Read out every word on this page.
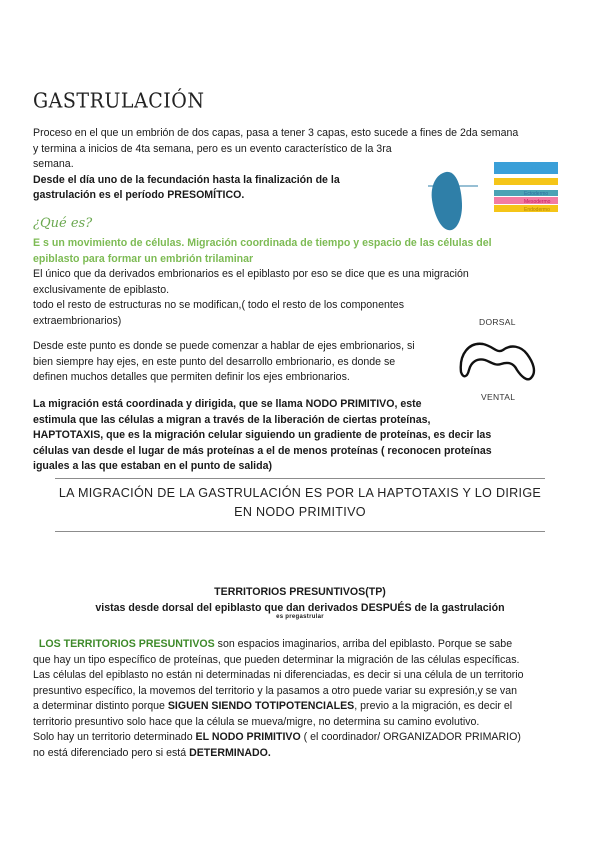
GASTRULACIÓN
Proceso en el que un embrión de dos capas, pasa a tener 3 capas, esto sucede a fines de 2da semana
y termina a inicios de 4ta semana, pero es un evento característico de la 3ra
semana.
Desde el día uno de la fecundación hasta la finalización de la
gastrulación es el período PRESOMÍTICO.
Epiblasto
Ectodermo
Mesodermo
Endodermo
¿Qué es?
E s un movimiento de células. Migración coordinada de tiempo y espacio de las células del
epiblasto para formar un embrión trilaminar
El único que da derivados embrionarios es el epiblasto por eso se dice que es una migración
exclusivamente de epiblasto.
todo el resto de estructuras no se modifican,( todo el resto de los componentes
extraembrionarios)
Desde este punto es donde se puede comenzar a hablar de ejes embrionarios, si
bien siempre hay ejes, en este punto del desarrollo embrionario, es donde se
definen muchos detalles que permiten definir los ejes embrionarios.
DORSAL
VENTAL
La migración está coordinada y dirigida, que se llama NODO PRIMITIVO, este
estimula que las células a migran a través de la liberación de ciertas proteínas,
HAPTOTAXIS, que es la migración celular siguiendo un gradiente de proteínas, es decir las
células van desde el lugar de más proteínas a el de menos proteínas ( reconocen proteínas
iguales a las que estaban en el punto de salida)
LA MIGRACIÓN DE LA GASTRULACIÓN ES POR LA HAPTOTAXIS Y LO DIRIGE
EN NODO PRIMITIVO
TERRITORIOS PRESUNTIVOS(TP)
vistas desde dorsal del epiblasto que dan derivados DESPUÉS de la gastrulación
es pregastrular
LOS TERRITORIOS PRESUNTIVOS son espacios imaginarios, arriba del epiblasto. Porque se sabe
que hay un tipo específico de proteínas, que pueden determinar la migración de las células específicas.
Las células del epiblasto no están ni determinadas ni diferenciadas, es decir si una célula de un territorio
presuntivo específico, la movemos del territorio y la pasamos a otro puede variar su expresión,y se van
a determinar distinto porque SIGUEN SIENDO TOTIPOTENCIALES, previo a la migración, es decir el
territorio presuntivo solo hace que la célula se mueva/migre, no determina su camino evolutivo.
Solo hay un territorio determinado EL NODO PRIMITIVO ( el coordinador/ ORGANIZADOR PRIMARIO)
no está diferenciado pero si está DETERMINADO.
